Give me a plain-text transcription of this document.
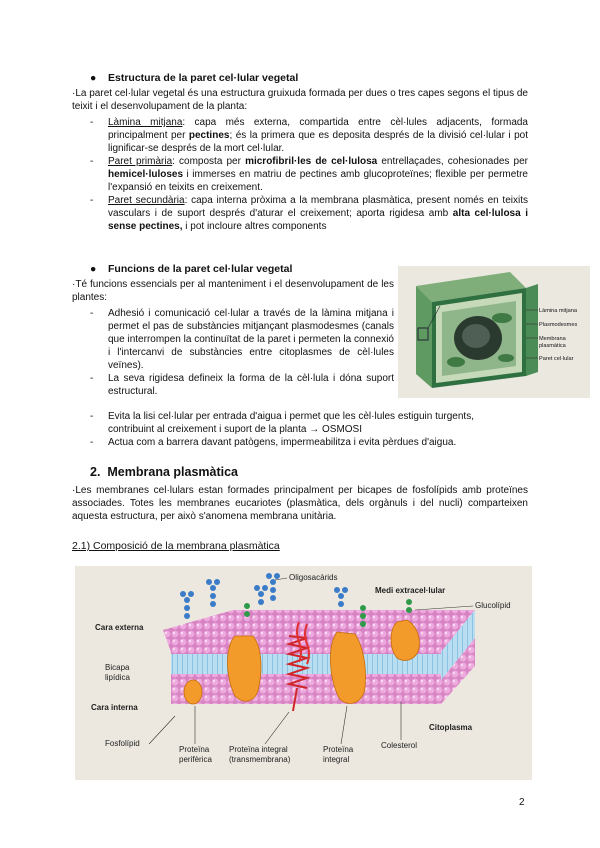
● Estructura de la paret cel·lular vegetal
·La paret cel·lular vegetal és una estructura gruixuda formada per dues o tres capes segons el tipus de teixit i el desenvolupament de la planta:
- Làmina mitjana: capa més externa, compartida entre cèl·lules adjacents, formada principalment per pectines; és la primera que es deposita després de la divisió cel·lular i pot lignificar-se després de la mort cel·lular.
- Paret primària: composta per microfibril·les de cel·lulosa entrellaçades, cohesionades per hemicel·luloses i immerses en matriu de pectines amb glucoproteïnes; flexible per permetre l'expansió en teixits en creixement.
- Paret secundària: capa interna pròxima a la membrana plasmàtica, present només en teixits vasculars i de suport després d'aturar el creixement; aporta rigidesa amb alta cel·lulosa i sense pectines, i pot incloure altres components
● Funcions de la paret cel·lular vegetal
·Té funcions essencials per al manteniment i el desenvolupament de les plantes:
- Adhesió i comunicació cel·lular a través de la làmina mitjana i permet el pas de substàncies mitjançant plasmodesmes (canals que interrompen la continuïtat de la paret i permeten la connexió i l'intercanvi de substàncies entre citoplasmes de cèl·lules veïnes).
- La seva rigidesa defineix la forma de la cèl·lula i dóna suport estructural.
- Evita la lisi cel·lular per entrada d'aigua i permet que les cèl·lules estiguin turgents, contribuint al creixement i suport de la planta → OSMOSI
- Actua com a barrera davant patògens, impermeabilitza i evita pèrdues d'aigua.
Làmina mitjana
Plasmodesmes
Membrana
plasmàtica
Paret cel·lular
2. Membrana plasmàtica
·Les membranes cel·lulars estan formades principalment per bicapes de fosfolípids amb proteïnes associades. Totes les membranes eucariotes (plasmàtica, dels orgànuls i del nucli) comparteixen aquesta estructura, per això s'anomena membrana unitària.
2.1) Composició de la membrana plasmàtica
Oligosacàrids
Medi extracel·lular
Glucolípid
Cara externa
Bicapa
lipídica
Cara interna
Citoplasma
Fosfolípid
Proteïna
perifèrica
Proteïna integral
(transmembrana)
Proteïna
integral
Colesterol
2
